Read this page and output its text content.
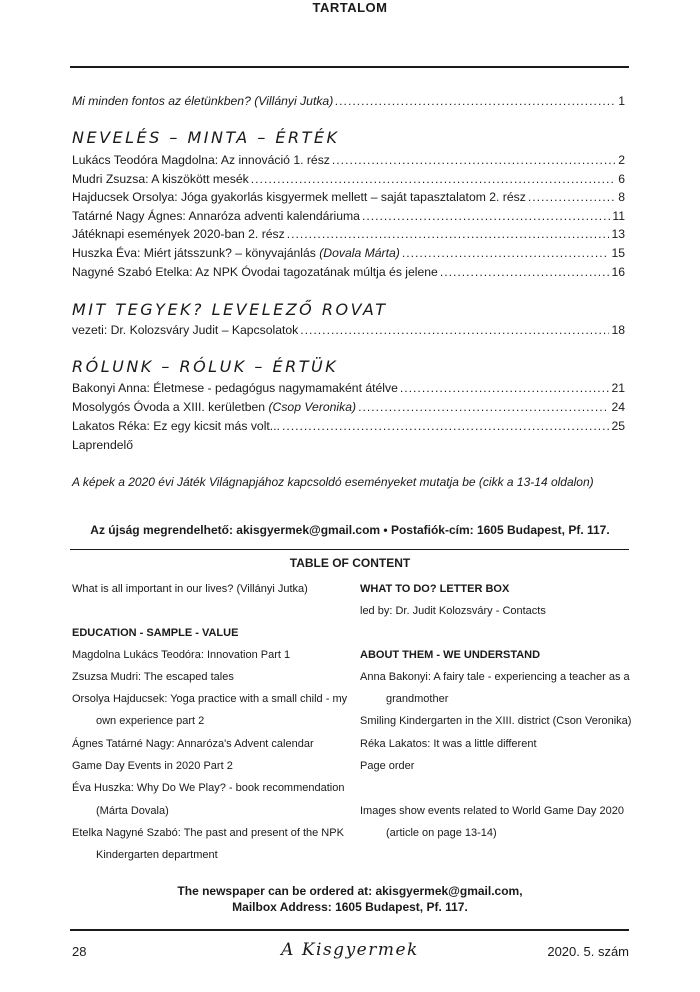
TARTALOM
Mi minden fontos az életünkben? (Villányi Jutka) .....	1
NEVELÉS – MINTA – ÉRTÉK
Lukács Teodóra Magdolna: Az innováció 1. rész .....	2
Mudri Zsuzsa: A kiszökött mesék .....	6
Hajducsek Orsolya: Jóga gyakorlás kisgyermek mellett – saját tapasztalatom 2. rész .....	8
Tatárné Nagy Ágnes: Annaróza adventi kalendáriuma .....	11
Játéknapi események 2020-ban 2. rész .....	13
Huszka Éva: Miért játsszunk? – könyvajánlás (Dovala Márta) .....	15
Nagyné Szabó Etelka: Az NPK Óvodai tagozatának múltja és jelene .....	16
MIT TEGYEK? LEVELEZŐ ROVAT
vezeti: Dr. Kolozsváry Judit – Kapcsolatok .....	18
RÓLUNK – RÓLUK – ÉRTÜK
Bakonyi Anna: Életmese - pedagógus nagymamaként átélve .....	21
Mosolygós Óvoda a XIII. kerületben (Csop Veronika) .....	24
Lakatos Réka: Ez egy kicsit más volt... .....	25
Laprendelő
A képek a 2020 évi Játék Világnapjához kapcsoldó eseményeket mutatja be (cikk a 13-14 oldalon)
Az újság megrendelhető: akisgyermek@gmail.com • Postafiók-cím: 1605 Budapest, Pf. 117.
TABLE OF CONTENT
What is all important in our lives? (Villányi Jutka)
EDUCATION - SAMPLE - VALUE
Magdolna Lukács Teodóra: Innovation Part 1
Zsuzsa Mudri: The escaped tales
Orsolya Hajducsek: Yoga practice with a small child - my
own experience part 2
Ágnes Tatárné Nagy: Annaróza's Advent calendar
Game Day Events in 2020 Part 2
Éva Huszka: Why Do We Play? - book recommendation
(Márta Dovala)
Etelka Nagyné Szabó: The past and present of the NPK
Kindergarten department
WHAT TO DO? LETTER BOX
led by: Dr. Judit Kolozsváry - Contacts
ABOUT THEM - WE UNDERSTAND
Anna Bakonyi: A fairy tale - experiencing a teacher as a
grandmother
Smiling Kindergarten in the XIII. district (Cson Veronika)
Réka Lakatos: It was a little different
Page order
Images show events related to World Game Day 2020
(article on page 13-14)
The newspaper can be ordered at: akisgyermek@gmail.com,
Mailbox Address: 1605 Budapest, Pf. 117.
28	A Kisgyermek	2020. 5. szám
